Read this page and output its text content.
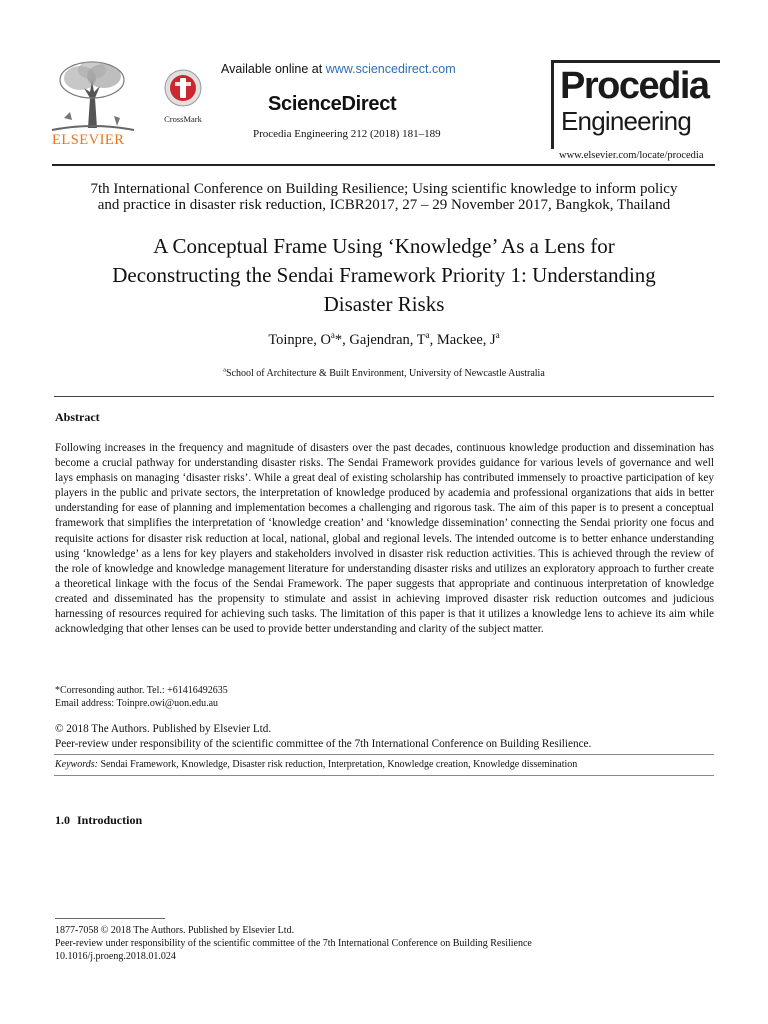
ELSEVIER
CrossMark
Available online at www.sciencedirect.com
ScienceDirect
Procedia Engineering 212 (2018) 181–189
Procedia
Engineering
www.elsevier.com/locate/procedia
7th International Conference on Building Resilience; Using scientific knowledge to inform policy
and practice in disaster risk reduction, ICBR2017, 27 – 29 November 2017, Bangkok, Thailand
A Conceptual Frame Using ‘Knowledge’ As a Lens for
Deconstructing the Sendai Framework Priority 1: Understanding
Disaster Risks
Toinpre, $O^a*$, Gajendran, $T^a$, Mackee, $J^a$
$^a$School of Architecture & Built Environment, University of Newcastle Australia
Abstract
Following increases in the frequency and magnitude of disasters over the past decades, continuous knowledge production and dissemination has become a crucial pathway for understanding disaster risks. The Sendai Framework provides guidance for various levels of governance and well lays emphasis on managing ‘disaster risks’. While a great deal of existing scholarship has contributed immensely to proactive participation of key players in the public and private sectors, the interpretation of knowledge produced by academia and professional organizations that aids in better understanding for ease of planning and implementation becomes a challenging and rigorous task. The aim of this paper is to present a conceptual framework that simplifies the interpretation of ‘knowledge creation’ and ‘knowledge dissemination’ connecting the Sendai priority one focus and requisite actions for disaster risk reduction at local, national, global and regional levels. The intended outcome is to better enhance understanding using ‘knowledge’ as a lens for key players and stakeholders involved in disaster risk reduction activities. This is achieved through the review of the role of knowledge and knowledge management literature for understanding disaster risks and utilizes an exploratory approach to further create a theoretical linkage with the focus of the Sendai Framework. The paper suggests that appropriate and continuous interpretation of knowledge created and disseminated has the propensity to stimulate and assist in achieving improved disaster risk reduction outcomes and judicious harnessing of resources required for achieving such tasks. The limitation of this paper is that it utilizes a knowledge lens to achieve its aim while acknowledging that other lenses can be used to provide better understanding and clarity of the subject matter.
*Corresonding author. Tel.: +61416492635
Email address: Toinpre.owi@uon.edu.au
© 2018 The Authors. Published by Elsevier Ltd.
Peer-review under responsibility of the scientific committee of the 7th International Conference on Building Resilience.
Keywords: Sendai Framework, Knowledge, Disaster risk reduction, Interpretation, Knowledge creation, Knowledge dissemination
1.0 Introduction
1877-7058 © 2018 The Authors. Published by Elsevier Ltd.
Peer-review under responsibility of the scientific committee of the 7th International Conference on Building Resilience
10.1016/j.proeng.2018.01.024
